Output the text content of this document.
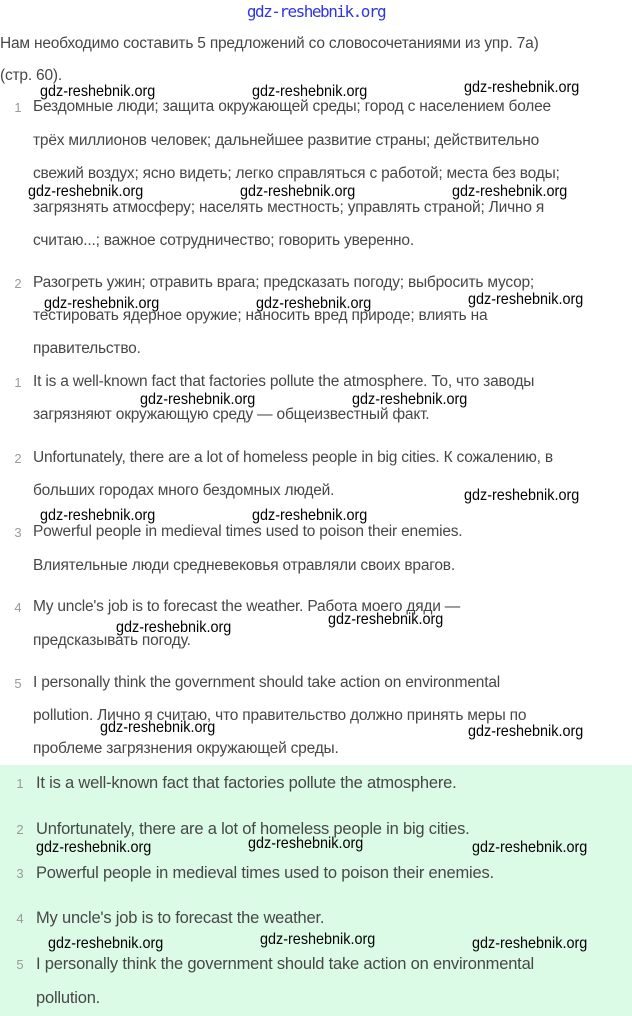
gdz-reshebnik.org
Нам необходимо составить 5 предложений со словосочетаниями из упр. 7а)
(стр. 60).
1 Бездомные люди; защита окружающей среды; город с населением более
трёх миллионов человек; дальнейшее развитие страны; действительно
свежий воздух; ясно видеть; легко справляться с работой; места без воды;
загрязнять атмосферу; населять местность; управлять страной; Лично я
считаю...; важное сотрудничество; говорить уверенно.
2 Разогреть ужин; отравить врага; предсказать погоду; выбросить мусор;
тестировать ядерное оружие; наносить вред природе; влиять на
правительство.
1 It is a well-known fact that factories pollute the atmosphere. То, что заводы
загрязняют окружающую среду — общеизвестный факт.
2 Unfortunately, there are a lot of homeless people in big cities. К сожалению, в
больших городах много бездомных людей.
3 Powerful people in medieval times used to poison their enemies.
Влиятельные люди средневековья отравляли своих врагов.
4 My uncle's job is to forecast the weather. Работа моего дяди —
предсказывать погоду.
5 I personally think the government should take action on environmental
pollution. Лично я считаю, что правительство должно принять меры по
проблеме загрязнения окружающей среды.
1 It is a well-known fact that factories pollute the atmosphere.
2 Unfortunately, there are a lot of homeless people in big cities.
3 Powerful people in medieval times used to poison their enemies.
4 My uncle's job is to forecast the weather.
5 I personally think the government should take action on environmental
pollution.
gdz-reshebnik.org	gdz-reshebnik.org	gdz-reshebnik.org
gdz-reshebnik.org	gdz-reshebnik.org	gdz-reshebnik.org
gdz-reshebnik.org	gdz-reshebnik.org	gdz-reshebnik.org
gdz-reshebnik.org	gdz-reshebnik.org
gdz-reshebnik.org
gdz-reshebnik.org	gdz-reshebnik.org
gdz-reshebnik.org	gdz-reshebnik.org
gdz-reshebnik.org	gdz-reshebnik.org
gdz-reshebnik.org	gdz-reshebnik.org	gdz-reshebnik.org
gdz-reshebnik.org	gdz-reshebnik.org	gdz-reshebnik.org
